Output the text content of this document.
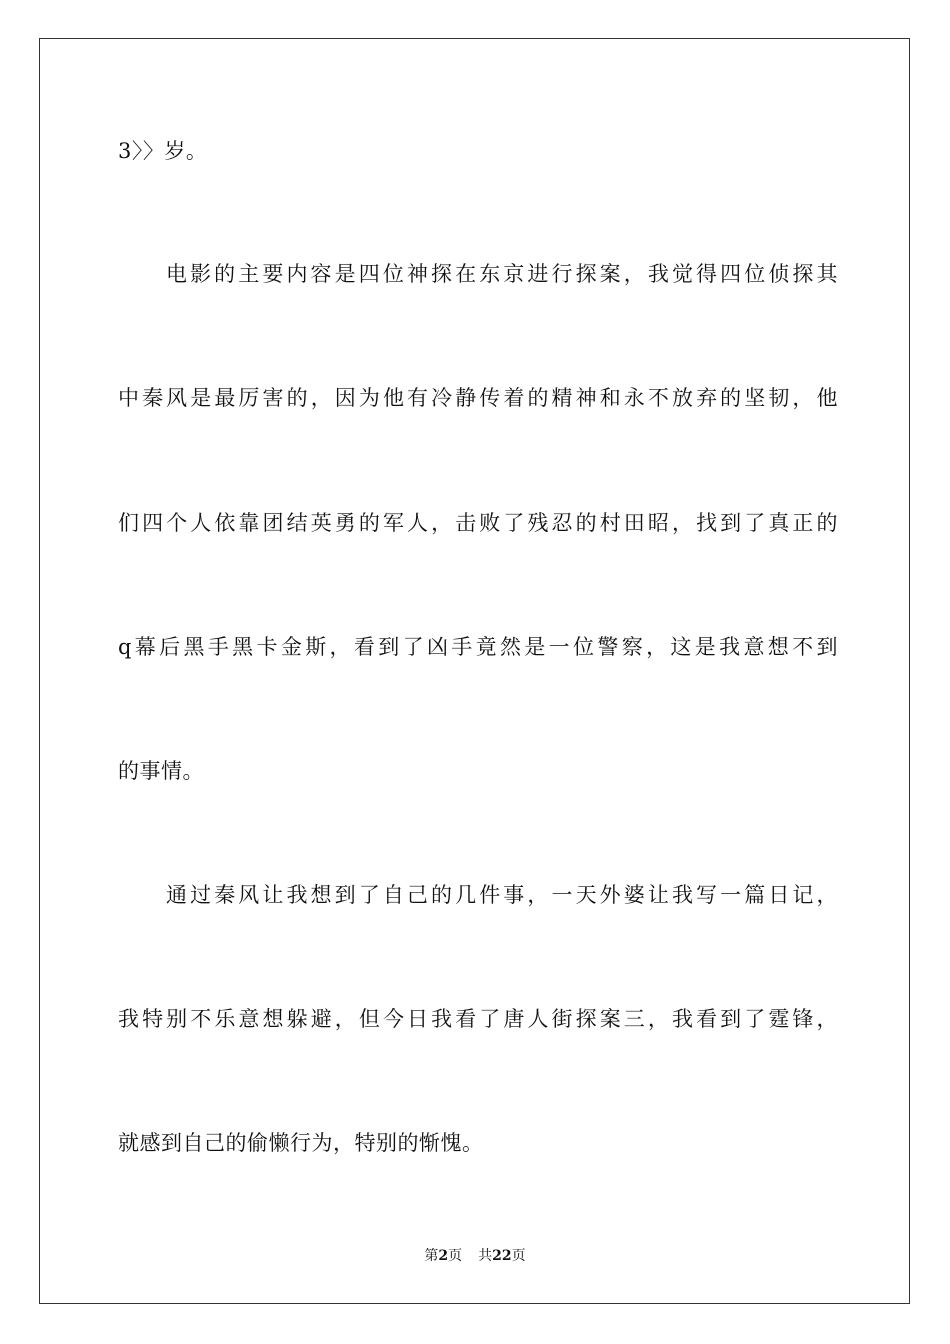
3〉〉岁。
电影的主要内容是四位神探在东京进行探案，我觉得四位侦探其
中秦风是最厉害的，因为他有冷静传着的精神和永不放弃的坚韧，他
们四个人依靠团结英勇的军人，击败了残忍的村田昭，找到了真正的
q幕后黑手黑卡金斯，看到了凶手竟然是一位警察，这是我意想不到
的事情。
通过秦风让我想到了自己的几件事，一天外婆让我写一篇日记，
我特别不乐意想躲避，但今日我看了唐人街探案三，我看到了霆锋，
就感到自己的偷懒行为，特别的惭愧。
第2页 共22页
